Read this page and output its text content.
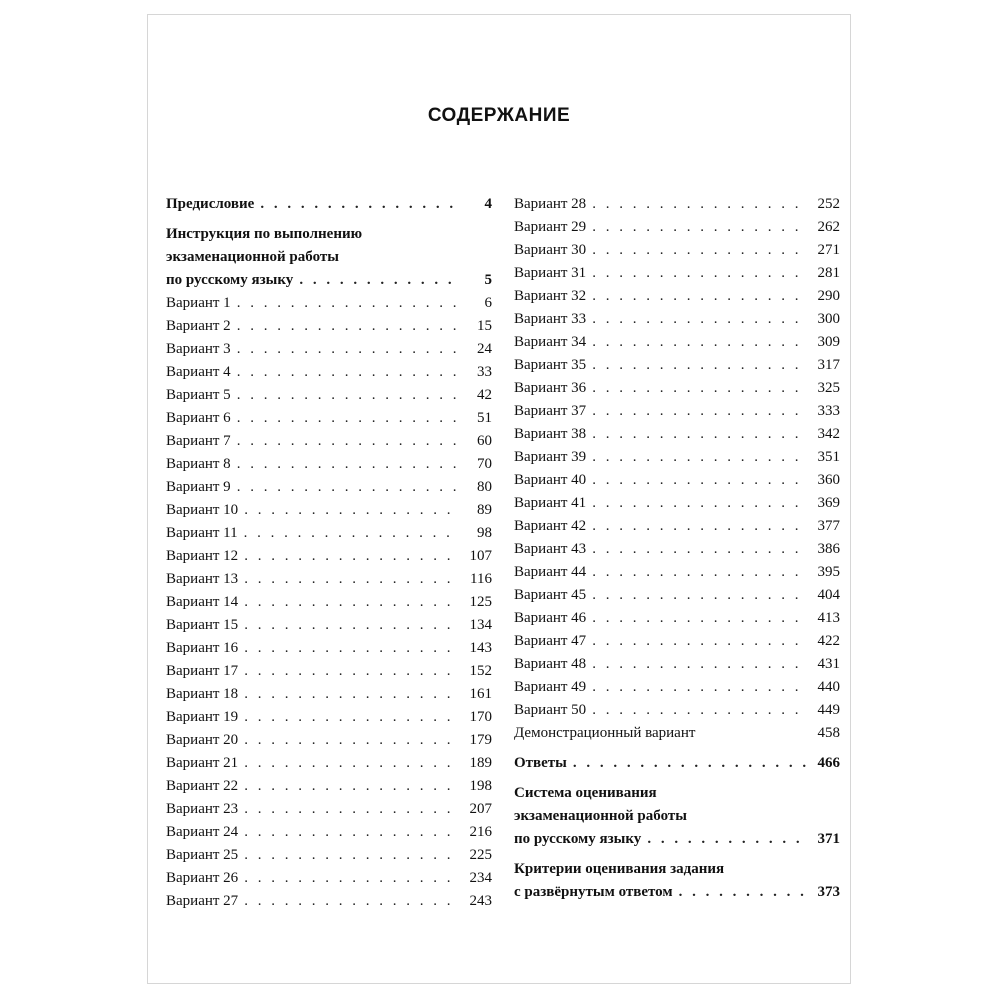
СОДЕРЖАНИЕ
Предисловие . . .	4
Инструкция по выполнению
экзаменационной работы
по русскому языку . . .	5
Вариант 1 . . .	6
Вариант 2 . . .	15
Вариант 3 . . .	24
Вариант 4 . . .	33
Вариант 5 . . .	42
Вариант 6 . . .	51
Вариант 7 . . .	60
Вариант 8 . . .	70
Вариант 9 . . .	80
Вариант 10 . . .	89
Вариант 11 . . .	98
Вариант 12 . . .	107
Вариант 13 . . .	116
Вариант 14 . . .	125
Вариант 15 . . .	134
Вариант 16 . . .	143
Вариант 17 . . .	152
Вариант 18 . . .	161
Вариант 19 . . .	170
Вариант 20 . . .	179
Вариант 21 . . .	189
Вариант 22 . . .	198
Вариант 23 . . .	207
Вариант 24 . . .	216
Вариант 25 . . .	225
Вариант 26 . . .	234
Вариант 27 . . .	243
Вариант 28 . . .	252
Вариант 29 . . .	262
Вариант 30 . . .	271
Вариант 31 . . .	281
Вариант 32 . . .	290
Вариант 33 . . .	300
Вариант 34 . . .	309
Вариант 35 . . .	317
Вариант 36 . . .	325
Вариант 37 . . .	333
Вариант 38 . . .	342
Вариант 39 . . .	351
Вариант 40 . . .	360
Вариант 41 . . .	369
Вариант 42 . . .	377
Вариант 43 . . .	386
Вариант 44 . . .	395
Вариант 45 . . .	404
Вариант 46 . . .	413
Вариант 47 . . .	422
Вариант 48 . . .	431
Вариант 49 . . .	440
Вариант 50 . . .	449
Демонстрационный вариант	458
Ответы . . .	466
Система оценивания
экзаменационной работы
по русскому языку . . .	371
Критерии оценивания задания
с развёрнутым ответом . . .	373
